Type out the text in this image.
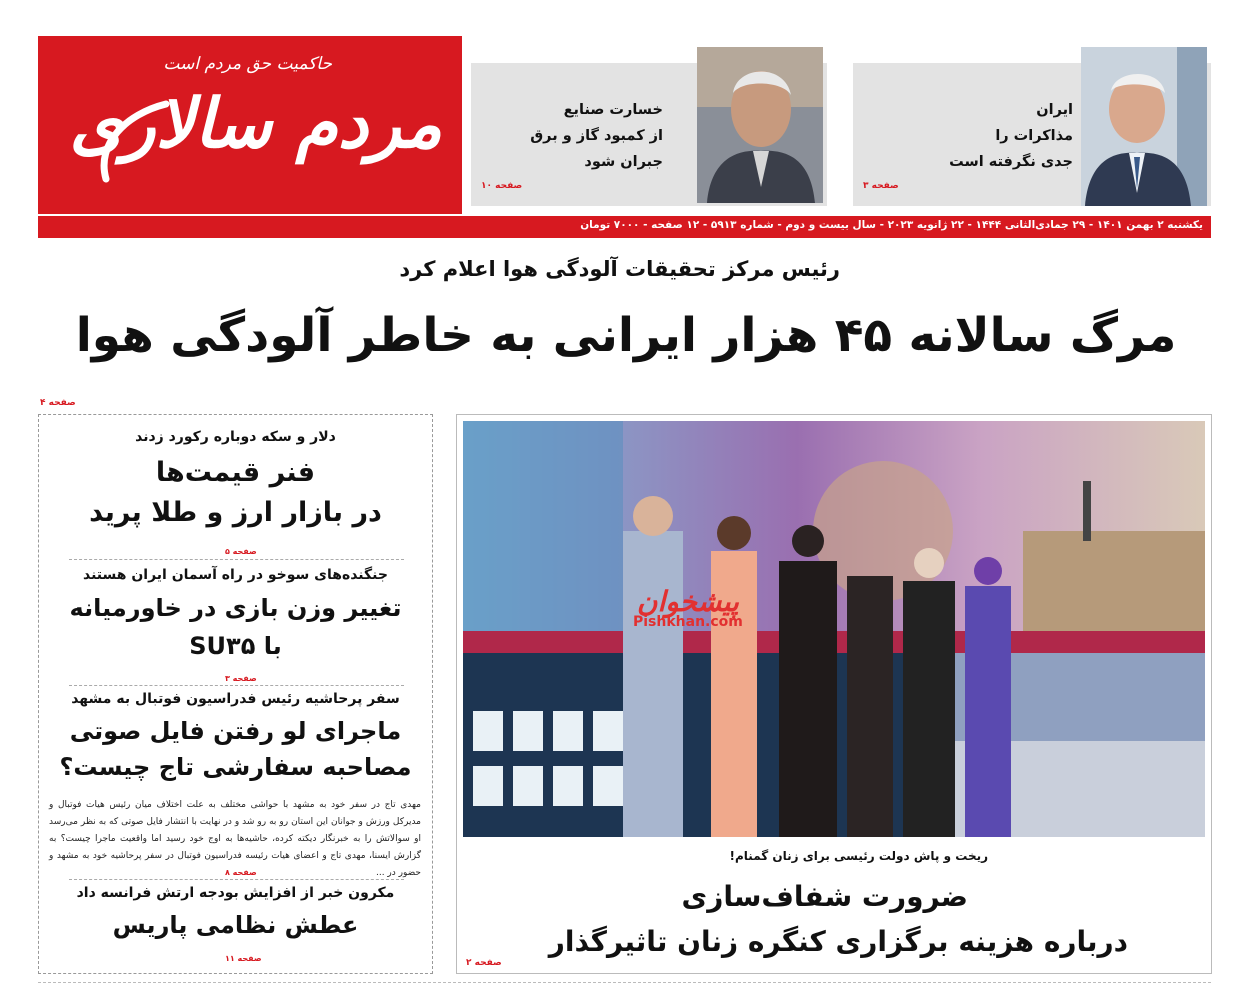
حاکمیت حق مردم است
مردم سالاری	خسارت صنایع
از کمبود گاز و برق
جبران شود
صفحه ۱۰
ایران
مذاکرات را
جدی نگرفته است
صفحه ۳
یکشنبه ۲ بهمن ۱۴۰۱ - ۲۹ جمادی‌الثانی ۱۴۴۴ - ۲۲ ژانویه ۲۰۲۳ - سال بیست و دوم - شماره ۵۹۱۳ - ۱۲ صفحه - ۷۰۰۰ تومان
رئیس مرکز تحقیقات آلودگی هوا اعلام کرد
مرگ سالانه ۴۵ هزار ایرانی به خاطر آلودگی هوا
صفحه ۴
دلار و سکه دوباره رکورد زدند
فنر قیمت‌ها
در بازار ارز و طلا پرید
صفحه ۵
جنگنده‌های سوخو در راه آسمان ایران هستند
تغییر وزن بازی در خاورمیانه
با SU۳۵
صفحه ۳
سفر پرحاشیه رئیس فدراسیون فوتبال به مشهد
ماجرای لو رفتن فایل صوتی
مصاحبه سفارشی تاج چیست؟
مهدی تاج در سفر خود به مشهد با حواشی مختلف به علت اختلاف میان رئیس هیات فوتبال و مدیرکل ورزش و جوانان این استان رو به رو شد و در نهایت با انتشار فایل صوتی که به نظر می‌رسد او سوالاتش را به خبرنگار دیکته کرده، حاشیه‌ها به اوج خود رسید اما واقعیت ماجرا چیست؟ به گزارش ایسنا، مهدی تاج و اعضای هیات رئیسه فدراسیون فوتبال در سفر پرحاشیه خود به مشهد و حضور در ...
صفحه ۸
مکرون خبر از افزایش بودجه ارتش فرانسه داد
عطش نظامی پاریس
صفحه ۱۱
پیشخوان
Pishkhan.com
ریخت و پاش دولت رئیسی برای زنان گمنام!
ضرورت شفاف‌سازی
درباره هزینه برگزاری کنگره زنان تاثیرگذار
صفحه ۲
